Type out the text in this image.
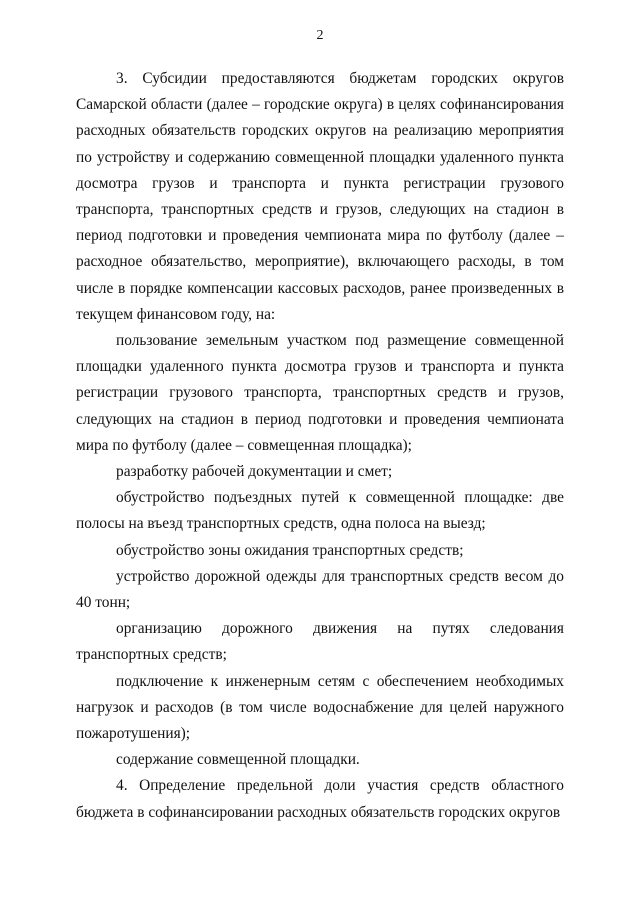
2

3. Субсидии предоставляются бюджетам городских округов Самарской области (далее – городские округа) в целях софинансирования расходных обязательств городских округов на реализацию мероприятия по устройству и содержанию совмещенной площадки удаленного пункта досмотра грузов и транспорта и пункта регистрации грузового транспорта, транспортных средств и грузов, следующих на стадион в период подготовки и проведения чемпионата мира по футболу (далее – расходное обязательство, мероприятие), включающего расходы, в том числе в порядке компенсации кассовых расходов, ранее произведенных в текущем финансовом году, на:

пользование земельным участком под размещение совмещенной площадки удаленного пункта досмотра грузов и транспорта и пункта регистрации грузового транспорта, транспортных средств и грузов, следующих на стадион в период подготовки и проведения чемпионата мира по футболу (далее – совмещенная площадка);

разработку рабочей документации и смет;

обустройство подъездных путей к совмещенной площадке: две полосы на въезд транспортных средств, одна полоса на выезд;

обустройство зоны ожидания транспортных средств;

устройство дорожной одежды для транспортных средств весом до 40 тонн;

организацию дорожного движения на путях следования транспортных средств;

подключение к инженерным сетям с обеспечением необходимых нагрузок и расходов (в том числе водоснабжение для целей наружного пожаротушения);

содержание совмещенной площадки.

4. Определение предельной доли участия средств областного бюджета в софинансировании расходных обязательств городских округов
